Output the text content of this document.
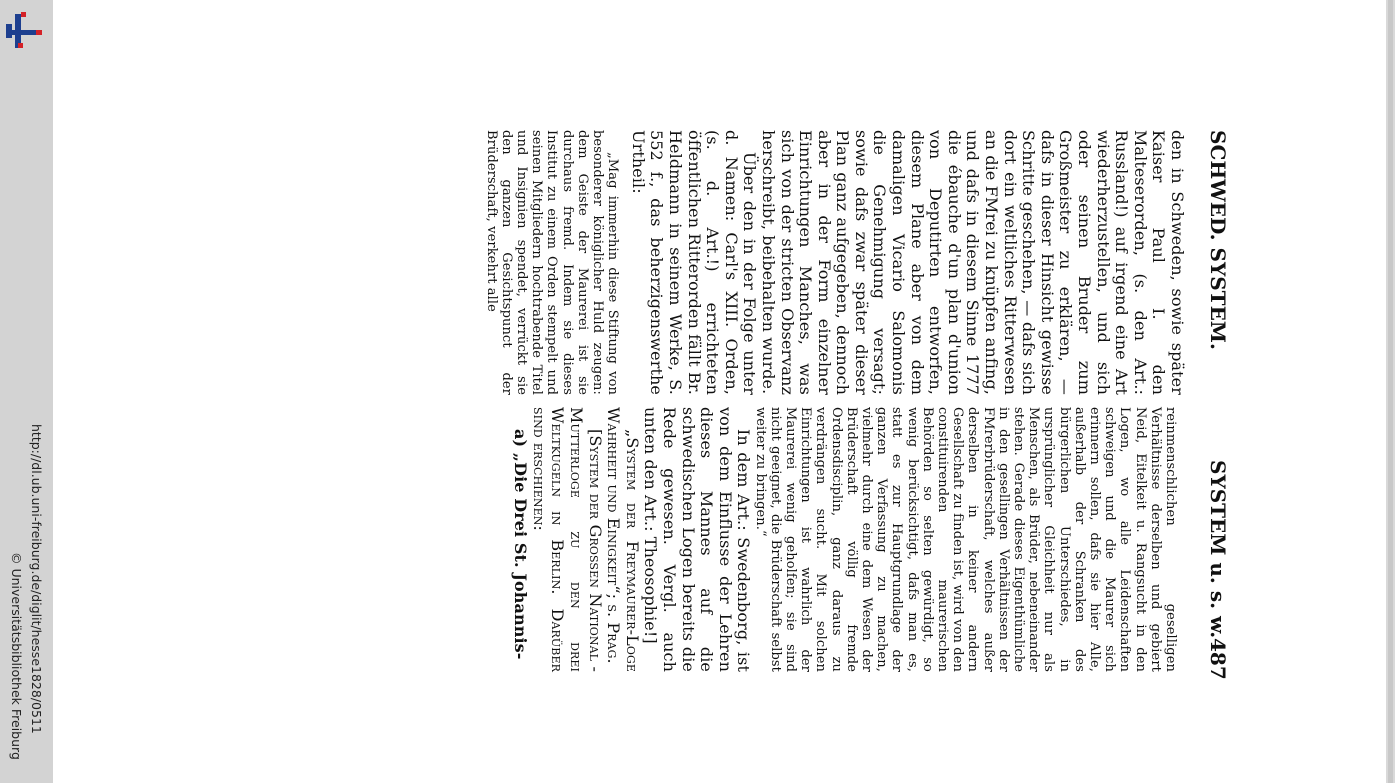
http://dl.ub.uni-freiburg.de/diglit/hesse1828/0511
© Universitätsbibliothek Freiburg
SCHWED. SYSTEM.
SYSTEM u. s. w.
487

den in Schweden, sowie später Kaiser Paul I. den Malteserorden, (s. den Art.: Russland!) auf irgend eine Art wiederherzustellen, und sich oder seinen Bruder zum Großmeister zu erklären, — dafs in dieser Hinsicht gewisse Schritte geschehen, — dafs sich dort ein weltliches Ritterwesen an die FMrei zu knüpfen anfing, und dafs in diesem Sinne 1777 die ébauche d'un plan d'union von Deputirten entworfen, diesem Plane aber von dem damaligen Vicario Salomonis die Genehmigung versagt; sowie dafs zwar später dieser Plan ganz aufgegeben, dennoch aber in der Form einzelner Einrichtungen Manches, was sich von der stricten Observanz herschreibt, beibehalten wurde.

Über den in der Folge unter d. Namen: Carl's XIII. Orden, (s. d. Art.!) errichteten öffentlichen Ritterorden fällt Br. Heldmann in seinem Werke, S. 552 f., das beherzigenswerthe Urtheil:

„Mag immerhin diese Stiftung von besonderer königlicher Huld zeugen: dem Geiste der Maurerei ist sie durchaus fremd. Indem sie dieses Institut zu einem Orden stempelt und seinen Mitgliedern hochtrabende Titel und Insignien spendet, verrückt sie den ganzen Gesichtspunct der Brüderschaft, verkehrt alle

reinmenschlichen geselligen Verhältnisse derselben und gebiert Neid, Eitelkeit u. Rangsucht in den Logen, wo alle Leidenschaften schweigen und die Maurer sich erinnern sollen, dafs sie hier Alle, außerhalb der Schranken des bürgerlichen Unterschiedes, in ursprünglicher Gleichheit nur als Menschen, als Brüder, nebeneinander stehen. Gerade dieses Eigenthümliche in den gesellingen Verhältnissen der FMrerbrüderschaft, welches außer derselben in keiner andern Gesellschaft zu finden ist, wird von den constituirenden maurerischen Behörden so selten gewürdigt, so wenig berücksichtigt, dafs man es, statt es zur Hauptgrundlage der ganzen Verfassung zu machen, vielmehr durch eine dem Wesen der Brüderschaft völlig fremde Ordensdisciplin, ganz daraus zu verdrängen sucht. Mit solchen Einrichtungen ist wahrlich der Maurerei wenig geholfen; sie sind nicht geeignet, die Brüderschaft selbst weiter zu bringen.“

In dem Art.: Swedenborg, ist von dem Einflusse der Lehren dieses Mannes auf die schwedischen Logen bereits die Rede gewesen. Vergl. auch unten den Art.: Theosophie!]

„System der Freymaurer-Loge Wahrheit und Einigkeit“; s. Prag.

[System der Grossen National - Mutterloge zu den drei Weltkugeln in Berlin. Darüber sind erschienen:

a) „Die Drei St. Johannis-
